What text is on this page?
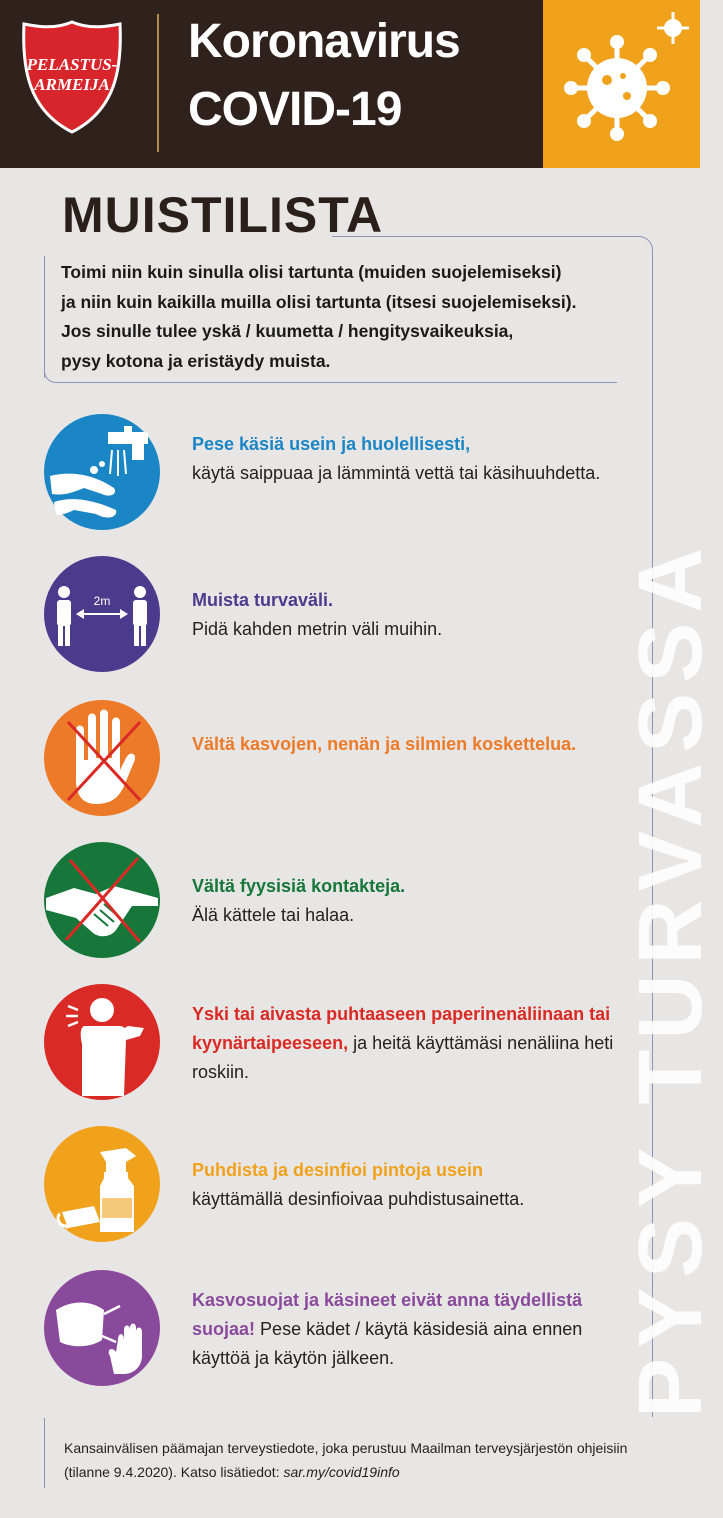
PELASTUS-
ARMEIJA
Koronavirus
COVID-19
MUISTILISTA
PYSY TURVASSA
Toimi niin kuin sinulla olisi tartunta (muiden suojelemiseksi)
ja niin kuin kaikilla muilla olisi tartunta (itsesi suojelemiseksi).
Jos sinulle tulee yskä / kuumetta / hengitysvaikeuksia,
pysy kotona ja eristäydy muista.
Pese käsiä usein ja huolellisesti,
käytä saippuaa ja lämmintä vettä tai käsihuuhdetta.
2m	Muista turvaväli.
Pidä kahden metrin väli muihin.
Vältä kasvojen, nenän ja silmien koskettelua.

Vältä fyysisiä kontakteja.
Älä kättele tai halaa.
Yski tai aivasta puhtaaseen paperinenäliinaan tai kyynärtaipeeseen, ja heitä käyttämäsi nenäliina heti roskiin.
Puhdista ja desinfioi pintoja usein
käyttämällä desinfioivaa puhdistusainetta.
Kasvosuojat ja käsineet eivät anna täydellistä suojaa! Pese kädet / käytä käsidesiä aina ennen käyttöä ja käytön jälkeen.
Kansainvälisen päämajan terveystiedote, joka perustuu Maailman terveysjärjestön ohjeisiin (tilanne 9.4.2020). Katso lisätiedot: sar.my/covid19info
